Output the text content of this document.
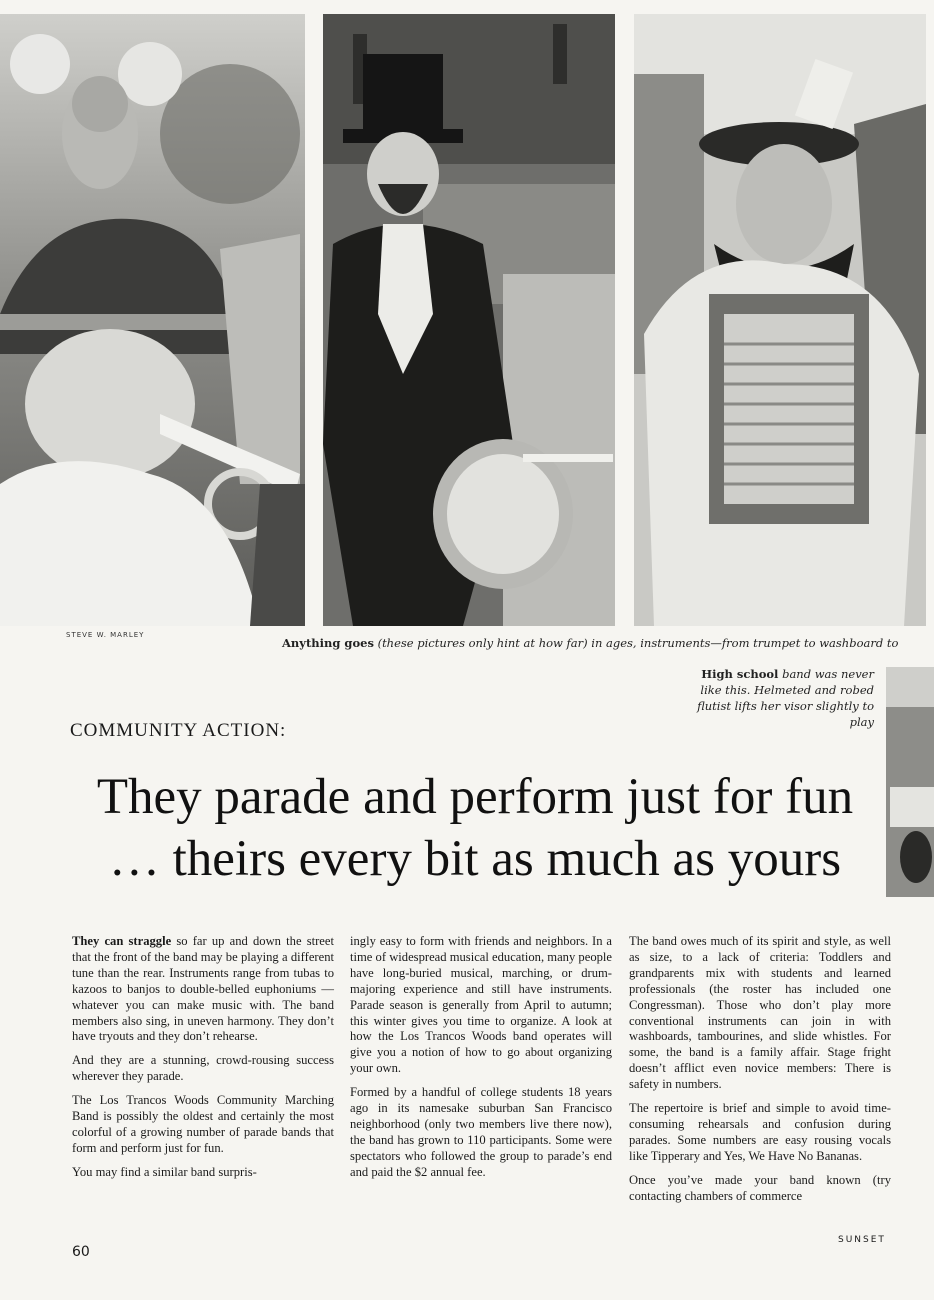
STEVE W. MARLEY
Anything goes (these pictures only hint at how far) in ages, instruments—from trumpet to washboard to
High school band was never like this. Helmeted and robed flutist lifts her visor slightly to play
COMMUNITY ACTION:
They parade and perform just for fun
… theirs every bit as much as yours

They can straggle so far up and down the street that the front of the band may be playing a different tune than the rear. Instruments range from tubas to kazoos to banjos to double-belled euphoniums —whatever you can make music with. The band members also sing, in uneven harmony. They don’t have tryouts and they don’t rehearse.

And they are a stunning, crowd-rousing success wherever they parade.

The Los Trancos Woods Community Marching Band is possibly the oldest and certainly the most colorful of a growing number of parade bands that form and perform just for fun.

You may find a similar band surpris-

ingly easy to form with friends and neighbors. In a time of widespread musical education, many people have long-buried musical, marching, or drum-majoring experience and still have instruments. Parade season is generally from April to autumn; this winter gives you time to organize. A look at how the Los Trancos Woods band operates will give you a notion of how to go about organizing your own.

Formed by a handful of college students 18 years ago in its namesake suburban San Francisco neighborhood (only two members live there now), the band has grown to 110 participants. Some were spectators who followed the group to parade’s end and paid the $2 annual fee.

The band owes much of its spirit and style, as well as size, to a lack of criteria: Toddlers and grandparents mix with students and learned professionals (the roster has included one Congressman). Those who don’t play more conventional instruments can join in with washboards, tambourines, and slide whistles. For some, the band is a family affair. Stage fright doesn’t afflict even novice members: There is safety in numbers.

The repertoire is brief and simple to avoid time-consuming rehearsals and confusion during parades. Some numbers are easy rousing vocals like Tipperary and Yes, We Have No Bananas.

Once you’ve made your band known (try contacting chambers of commerce

60
SUNSET
